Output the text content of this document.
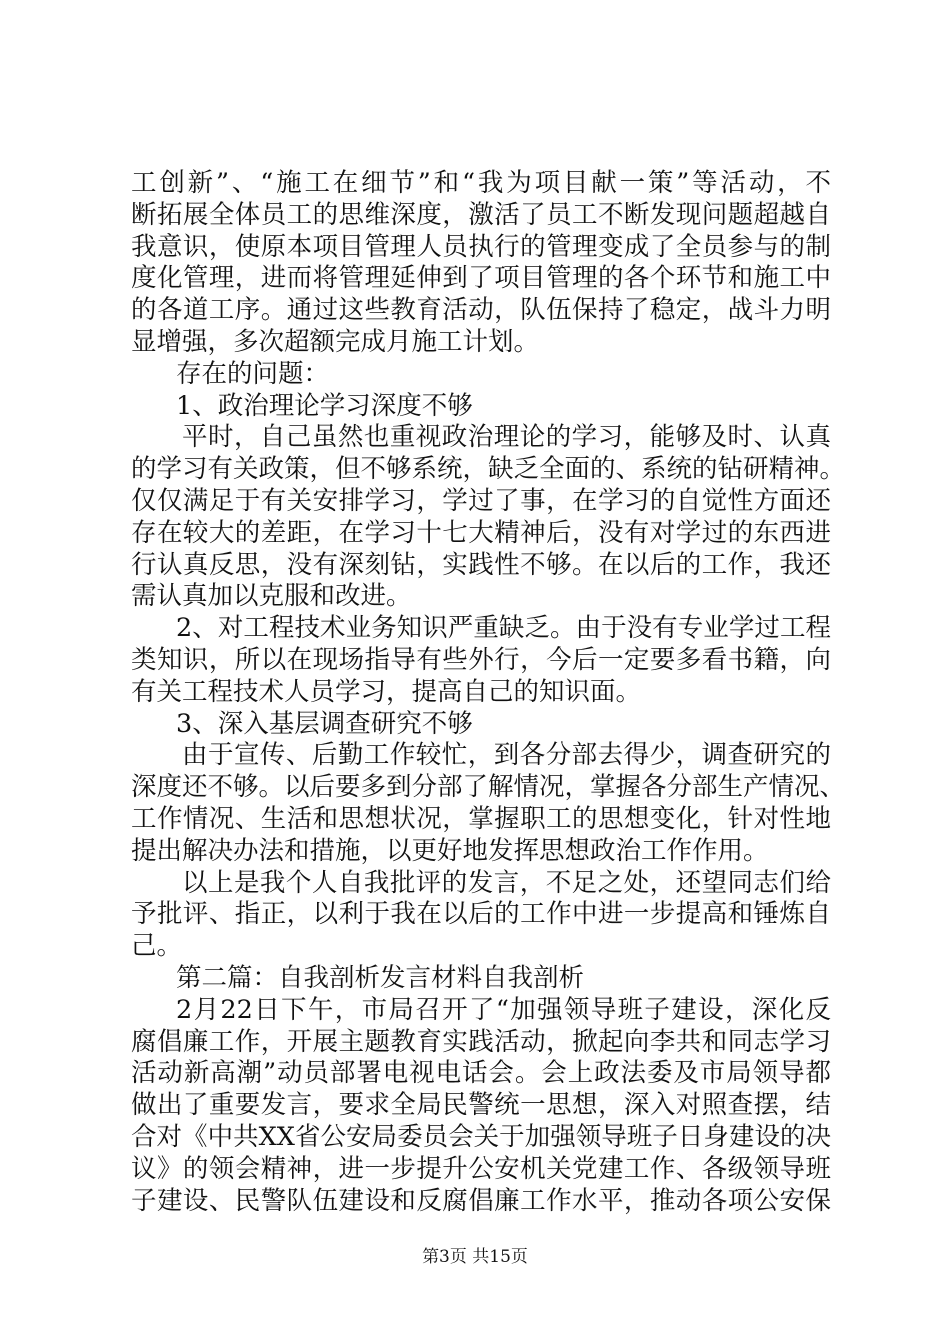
工创新”、“施工在细节”和“我为项目献一策”等活动，不
断拓展全体员工的思维深度，激活了员工不断发现问题超越自
我意识，使原本项目管理人员执行的管理变成了全员参与的制
度化管理，进而将管理延伸到了项目管理的各个环节和施工中
的各道工序。通过这些教育活动，队伍保持了稳定，战斗力明
显增强，多次超额完成月施工计划。
存在的问题：
1、政治理论学习深度不够
平时，自己虽然也重视政治理论的学习，能够及时、认真
的学习有关政策，但不够系统，缺乏全面的、系统的钻研精神。
仅仅满足于有关安排学习，学过了事，在学习的自觉性方面还
存在较大的差距，在学习十七大精神后，没有对学过的东西进
行认真反思，没有深刻钻，实践性不够。在以后的工作，我还
需认真加以克服和改进。
2、对工程技术业务知识严重缺乏。由于没有专业学过工程
类知识，所以在现场指导有些外行，今后一定要多看书籍，向
有关工程技术人员学习，提高自己的知识面。
3、深入基层调查研究不够
由于宣传、后勤工作较忙，到各分部去得少，调查研究的
深度还不够。以后要多到分部了解情况，掌握各分部生产情况、
工作情况、生活和思想状况，掌握职工的思想变化，针对性地
提出解决办法和措施，以更好地发挥思想政治工作作用。
以上是我个人自我批评的发言，不足之处，还望同志们给
予批评、指正，以利于我在以后的工作中进一步提高和锤炼自
己。
第二篇：自我剖析发言材料自我剖析
2月22日下午，市局召开了“加强领导班子建设，深化反
腐倡廉工作，开展主题教育实践活动，掀起向李共和同志学习
活动新高潮”动员部署电视电话会。会上政法委及市局领导都
做出了重要发言，要求全局民警统一思想，深入对照查摆，结
合对《中共XX省公安局委员会关于加强领导班子日身建设的决
议》的领会精神，进一步提升公安机关党建工作、各级领导班
子建设、民警队伍建设和反腐倡廉工作水平，推动各项公安保
第3页 共15页
